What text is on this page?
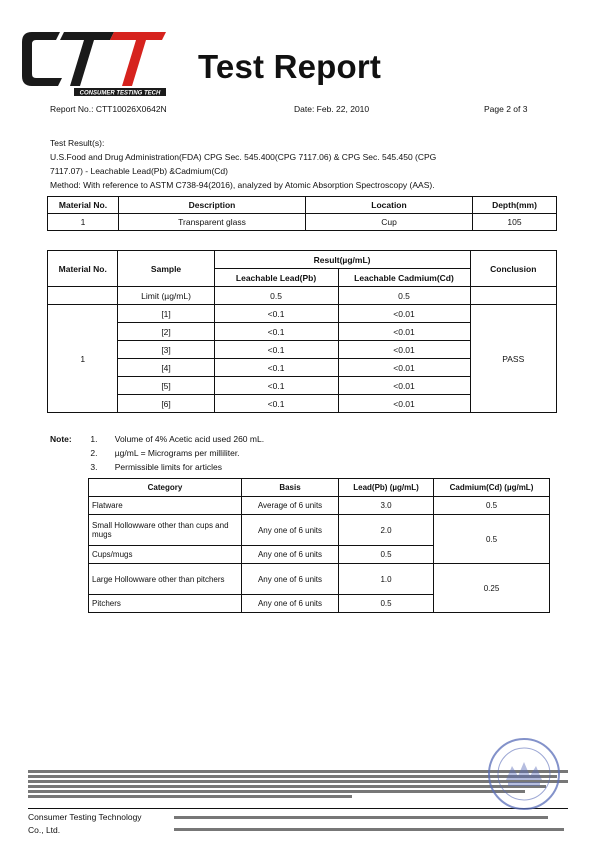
CONSUMER TESTING TECH
Test Report
Report No.: CTT10026X0642N	Date: Feb. 22, 2010	Page 2 of 3
Test Result(s):
U.S.Food and Drug Administration(FDA) CPG Sec. 545.400(CPG 7117.06) & CPG Sec. 545.450 (CPG
7117.07) - Leachable Lead(Pb) &Cadmium(Cd)
Method: With reference to ASTM C738-94(2016), analyzed by Atomic Absorption Spectroscopy (AAS).
Material No.	Description	Location	Depth(mm)
1	Transparent glass	Cup	105
Material No.	Sample	Result(µg/mL)		Conclusion
		Leachable Lead(Pb)	Leachable Cadmium(Cd)	
	Limit (µg/mL)	0.5	0.5	
1	[1]	<0.1	<0.01	PASS
	[2]	<0.1	<0.01	
	[3]	<0.1	<0.01	
	[4]	<0.1	<0.01	
	[5]	<0.1	<0.01	
	[6]	<0.1	<0.01	
Note: 1. Volume of 4% Acetic acid used 260 mL.
2. µg/mL = Micrograms per milliliter.
3. Permissible limits for articles
Category	Basis	Lead(Pb) (µg/mL)	Cadmium(Cd) (µg/mL)
Flatware	Average of 6 units	3.0	0.5
Small Hollowware other than cups and mugs	Any one of 6 units	2.0	0.5
Cups/mugs	Any one of 6 units	0.5	
Large Hollowware other than pitchers	Any one of 6 units	1.0	0.25
Pitchers	Any one of 6 units	0.5	
Consumer Testing Technology
Co., Ltd.
